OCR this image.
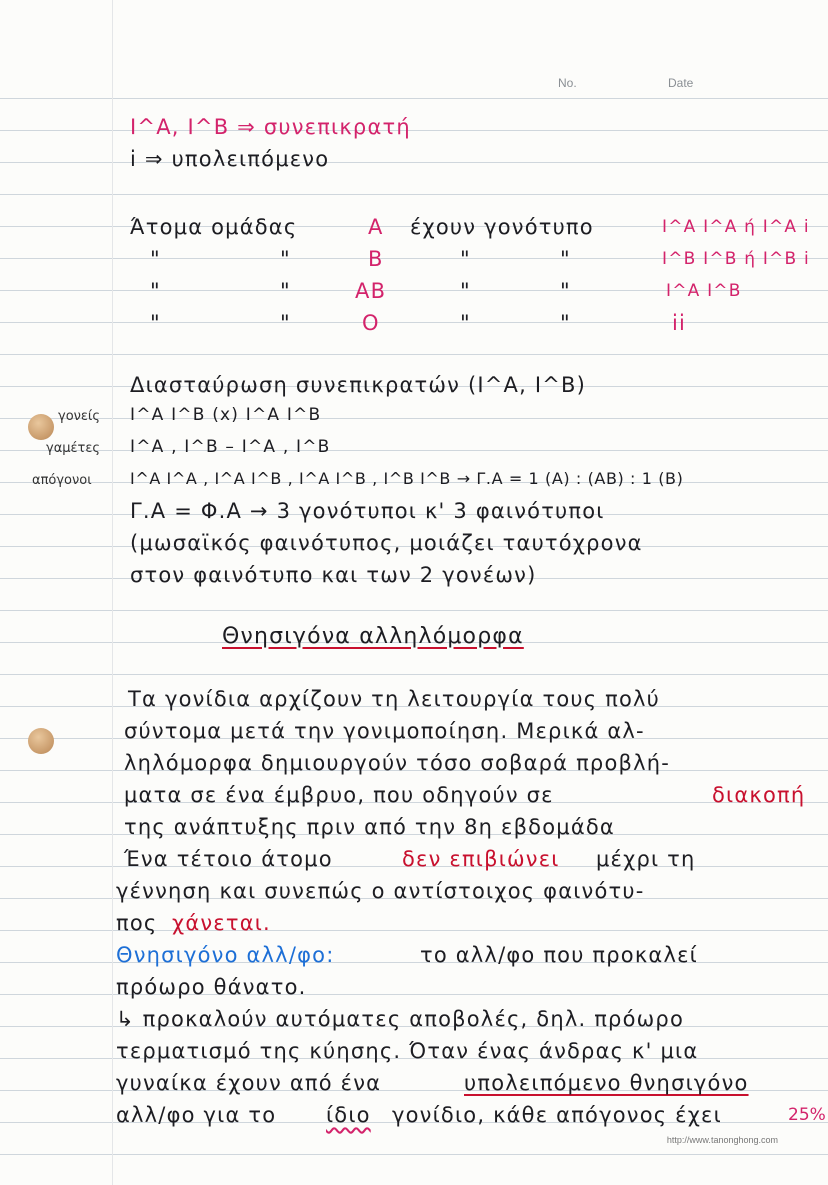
No.	Date
Ι^A, Ι^B ⇒ συνεπικρατή
i ⇒ υπολειπόμενο
Άτομα ομάδας	A έχουν γονότυπο	Ι^A Ι^A ή Ι^A i
"	"	B	"	"	Ι^B Ι^B ή Ι^B i
"	"	AB	"	"	Ι^A Ι^B
"	"	O	"	"	ii
Διασταύρωση συνεπικρατών (Ι^A, Ι^B)
γονείς Ι^A Ι^B (x) Ι^A Ι^B
γαμέτες Ι^A , Ι^B – Ι^A , Ι^B
απόγονοι Ι^A Ι^A , Ι^A Ι^B , Ι^A Ι^B , Ι^B Ι^B → Γ.Α = 1 (A) : (AB) : 1 (B)
Γ.Α = Φ.Α → 3 γονότυποι κ' 3 φαινότυποι
(μωσαϊκός φαινότυπος, μοιάζει ταυτόχρονα
στον φαινότυπο και των 2 γονέων)
Θνησιγόνα αλληλόμορφα
Τα γονίδια αρχίζουν τη λειτουργία τους πολύ
σύντομα μετά την γονιμοποίηση. Μερικά αλ-
ληλόμορφα δημιουργούν τόσο σοβαρά προβλή-
ματα σε ένα έμβρυο, που οδηγούν σε	διακοπή
της ανάπτυξης πριν από την 8η εβδομάδα
Ένα τέτοιο άτομο	δεν επιβιώνει μέχρι τη
γέννηση και συνεπώς ο αντίστοιχος φαινότυ-
πος χάνεται.
Θνησιγόνο αλλ/φο:	το αλλ/φο που προκαλεί
πρόωρο θάνατο.
↳ προκαλούν αυτόματες αποβολές, δηλ. πρόωρο
τερματισμό της κύησης. Όταν ένας άνδρας κ' μια
γυναίκα έχουν από ένα	υπολειπόμενο θνησιγόνο
αλλ/φο για το ίδιο γονίδιο, κάθε απόγονος έχει	25%
http://www.tanonghong.com
